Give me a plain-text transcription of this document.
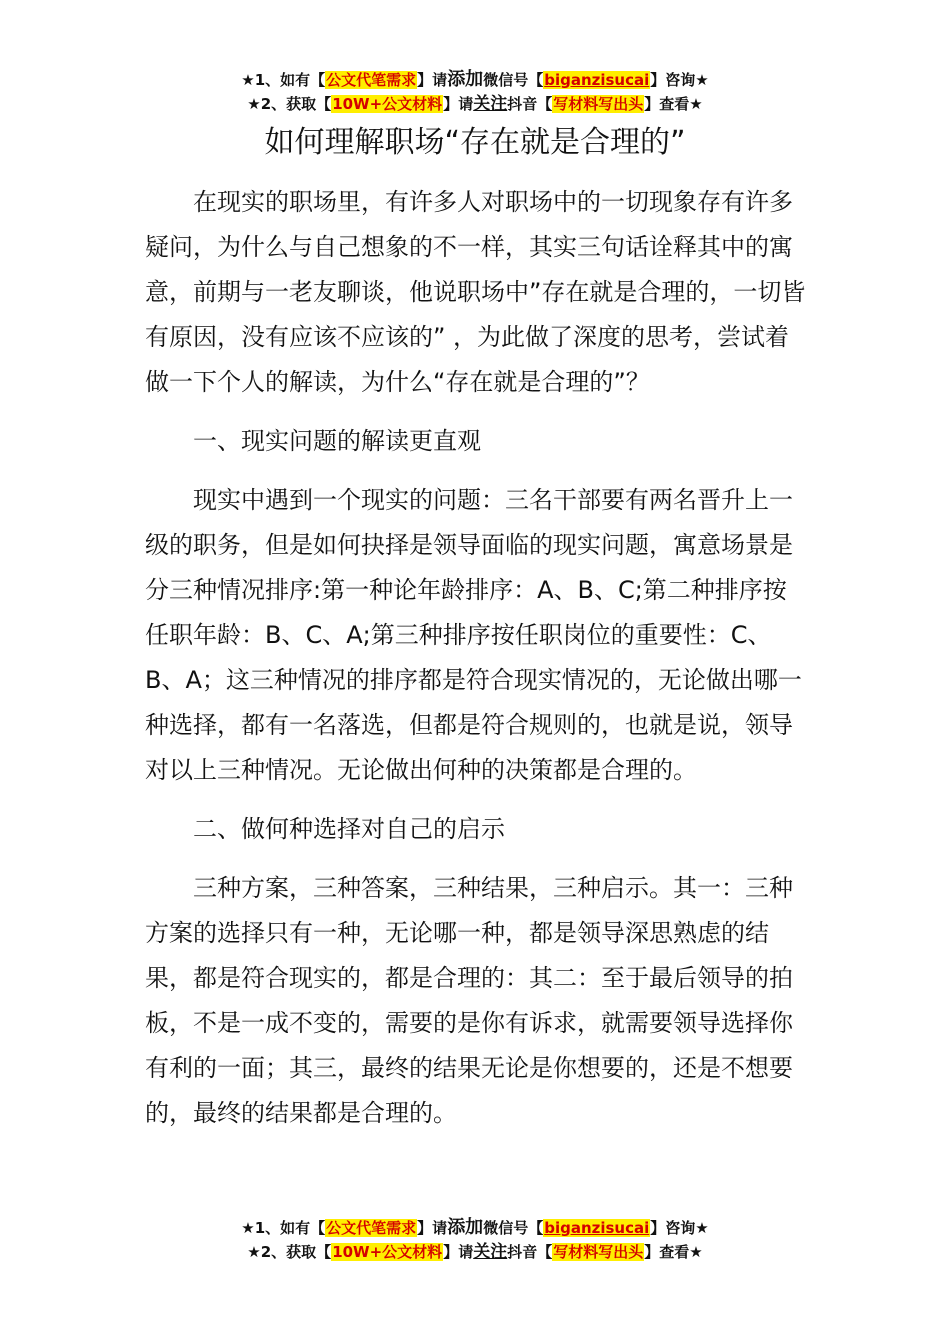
★1、如有【公文代笔需求】请添加微信号【biganzisucai】咨询★
★2、获取【10W+公文材料】请关注抖音【写材料写出头】查看★
如何理解职场“存在就是合理的”

在现实的职场里，有许多人对职场中的一切现象存有许多疑问，为什么与自己想象的不一样，其实三句话诠释其中的寓意，前期与一老友聊谈，他说职场中”存在就是合理的，一切皆有原因，没有应该不应该的” ，为此做了深度的思考，尝试着做一下个人的解读，为什么“存在就是合理的”？

一、现实问题的解读更直观

现实中遇到一个现实的问题：三名干部要有两名晋升上一级的职务，但是如何抉择是领导面临的现实问题，寓意场景是分三种情况排序:第一种论年龄排序：A、B、C;第二种排序按任职年龄：B、C、A;第三种排序按任职岗位的重要性：C、B、A；这三种情况的排序都是符合现实情况的，无论做出哪一种选择，都有一名落选，但都是符合规则的，也就是说，领导对以上三种情况。无论做出何种的决策都是合理的。

二、做何种选择对自己的启示

三种方案，三种答案，三种结果，三种启示。其一：三种方案的选择只有一种，无论哪一种，都是领导深思熟虑的结果，都是符合现实的，都是合理的：其二：至于最后领导的拍板，不是一成不变的，需要的是你有诉求，就需要领导选择你有利的一面；其三，最终的结果无论是你想要的，还是不想要的，最终的结果都是合理的。

★1、如有【公文代笔需求】请添加微信号【biganzisucai】咨询★
★2、获取【10W+公文材料】请关注抖音【写材料写出头】查看★
